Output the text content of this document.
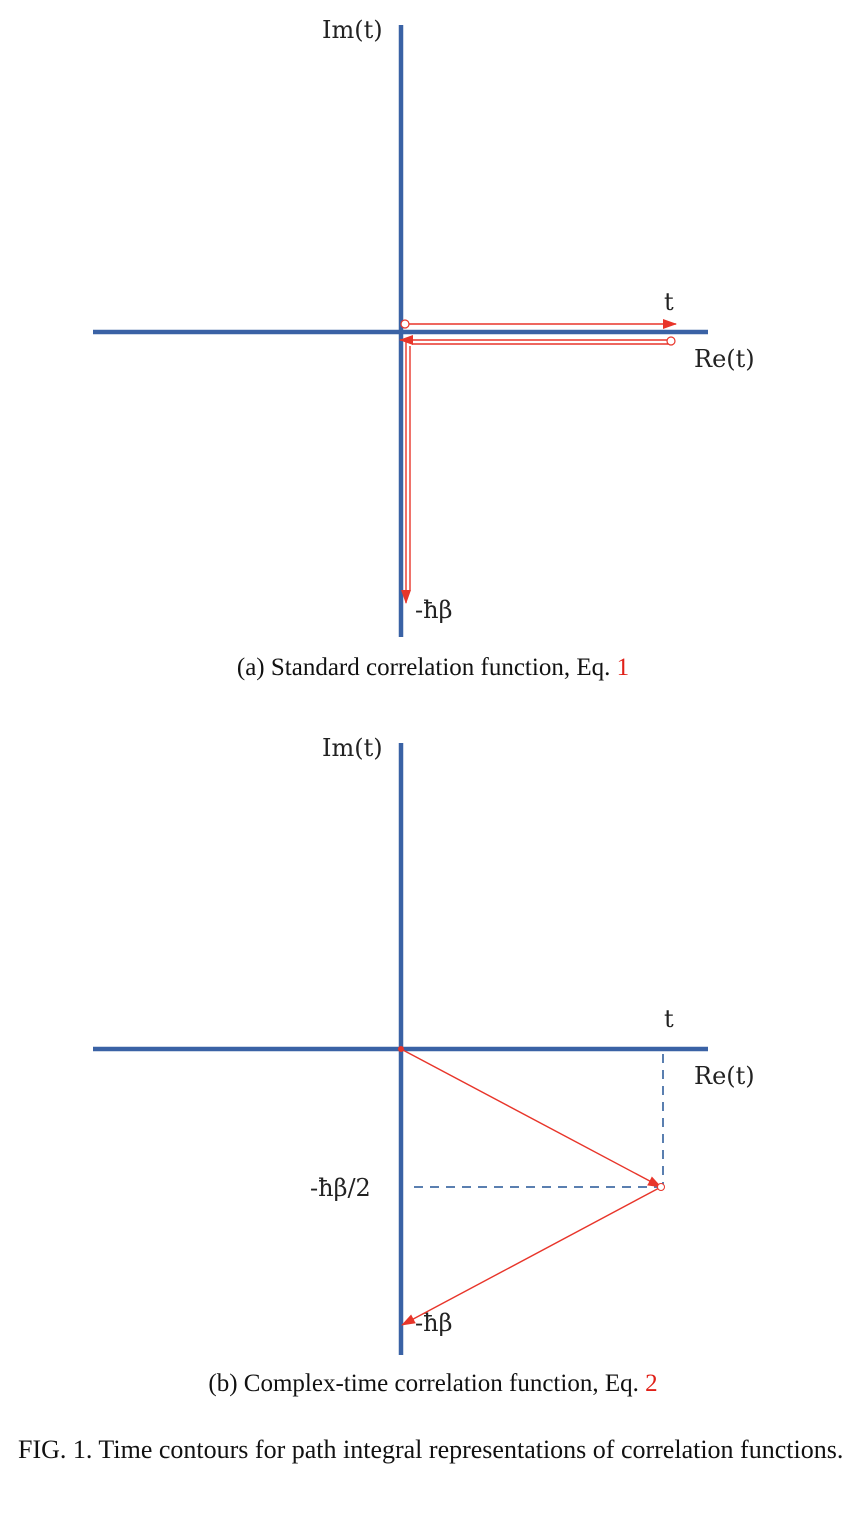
Im(t)
Re(t)
t
-ħβ
(a) Standard correlation function, Eq. 1
Im(t)
Re(t)
t
-ħβ/2
-ħβ
(b) Complex-time correlation function, Eq. 2
FIG. 1. Time contours for path integral representations of correlation functions.
